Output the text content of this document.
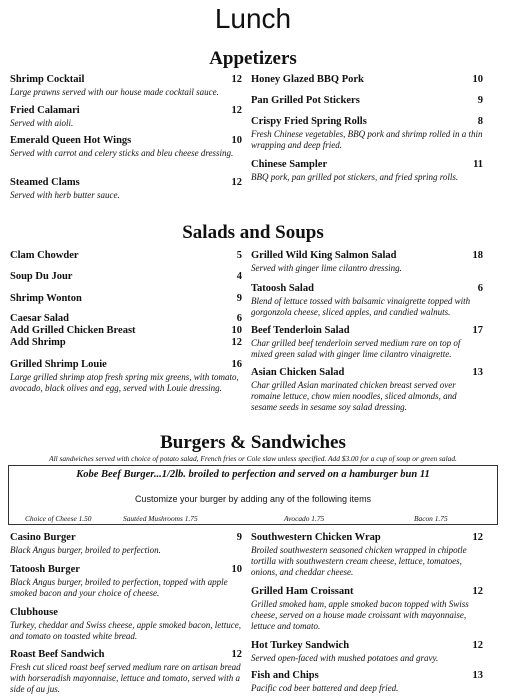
Lunch
Appetizers
Shrimp Cocktail	12
Large prawns served with our house made cocktail sauce.
Fried Calamari	12
Served with aioli.
Emerald Queen Hot Wings	10
Served with carrot and celery sticks and bleu cheese dressing.
Steamed Clams	12
Served with herb butter sauce.
Honey Glazed BBQ Pork	10
Pan Grilled Pot Stickers	9
Crispy Fried Spring Rolls	8
Fresh Chinese vegetables, BBQ pork and shrimp rolled in a thin wrapping and deep fried.
Chinese Sampler	11
BBQ pork, pan grilled pot stickers, and fried spring rolls.
Salads and Soups
Clam Chowder	5
Soup Du Jour	4
Shrimp Wonton	9
Caesar Salad	6
Add Grilled Chicken Breast	10
Add Shrimp	12
Grilled Shrimp Louie	16
Large grilled shrimp atop fresh spring mix greens, with tomato, avocado, black olives and egg, served with Louie dressing.
Grilled Wild King Salmon Salad	18
Served with ginger lime cilantro dressing.
Tatoosh Salad	6
Blend of lettuce tossed with balsamic vinaigrette topped with gorgonzola cheese, sliced apples, and candied walnuts.
Beef Tenderloin Salad	17
Char grilled beef tenderloin served medium rare on top of mixed green salad with ginger lime cilantro vinaigrette.
Asian Chicken Salad	13
Char grilled Asian marinated chicken breast served over romaine lettuce, chow mien noodles, sliced almonds, and sesame seeds in sesame soy salad dressing.
Burgers & Sandwiches
All sandwiches served with choice of potato salad, French fries or Cole slaw unless specified. Add $3.00 for a cup of soup or green salad.
Kobe Beef Burger...1/2lb. broiled to perfection and served on a hamburger bun 11
Customize your burger by adding any of the following items
Choice of Cheese 1.50	Sautéed Mushrooms 1.75	Avocado 1.75	Bacon 1.75
Casino Burger	9
Black Angus burger, broiled to perfection.
Tatoosh Burger	10
Black Angus burger, broiled to perfection, topped with apple smoked bacon and your choice of cheese.
Clubhouse
Turkey, cheddar and Swiss cheese, apple smoked bacon, lettuce, and tomato on toasted white bread.
Roast Beef Sandwich	12
Fresh cut sliced roast beef served medium rare on artisan bread with horseradish mayonnaise, lettuce and tomato, served with a side of au jus.
Southwestern Chicken Wrap	12
Broiled southwestern seasoned chicken wrapped in chipotle tortilla with southwestern cream cheese, lettuce, tomatoes, onions, and cheddar cheese.
Grilled Ham Croissant	12
Grilled smoked ham, apple smoked bacon topped with Swiss cheese, served on a house made croissant with mayonnaise, lettuce and tomato.
Hot Turkey Sandwich	12
Served open-faced with mushed potatoes and gravy.
Fish and Chips	13
Pacific cod beer battered and deep fried.
